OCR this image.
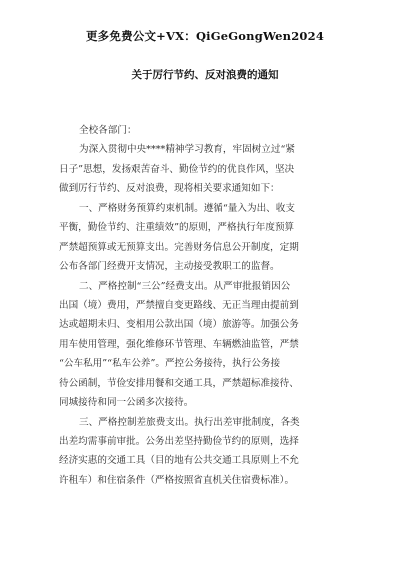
更多免费公文+VX：QiGeGongWen2024
关于厉行节约、反对浪费的通知
全校各部门：
为深入贯彻中央****精神学习教育，牢固树立过“紧
日子”思想，发扬艰苦奋斗、勤俭节约的优良作风，坚决
做到厉行节约、反对浪费，现将相关要求通知如下：
一、严格财务预算约束机制。遵循“量入为出、收支
平衡，勤俭节约、注重绩效”的原则，严格执行年度预算
严禁超预算或无预算支出。完善财务信息公开制度，定期
公布各部门经费开支情况，主动接受教职工的监督。
二、严格控制“三公”经费支出。从严审批报销因公
出国（境）费用，严禁擅自变更路线、无正当理由提前到
达或超期未归、变相用公款出国（境）旅游等。加强公务
用车使用管理，强化维修环节管理、车辆燃油监管，严禁
“公车私用”“私车公养”。严控公务接待，执行公务接
待公函制，节俭安排用餐和交通工具，严禁超标准接待、
同城接待和同一公函多次接待。
三、严格控制差旅费支出。执行出差审批制度，各类
出差均需事前审批。公务出差坚持勤俭节约的原则，选择
经济实惠的交通工具（目的地有公共交通工具原则上不允
许租车）和住宿条件（严格按照省直机关住宿费标准）。
